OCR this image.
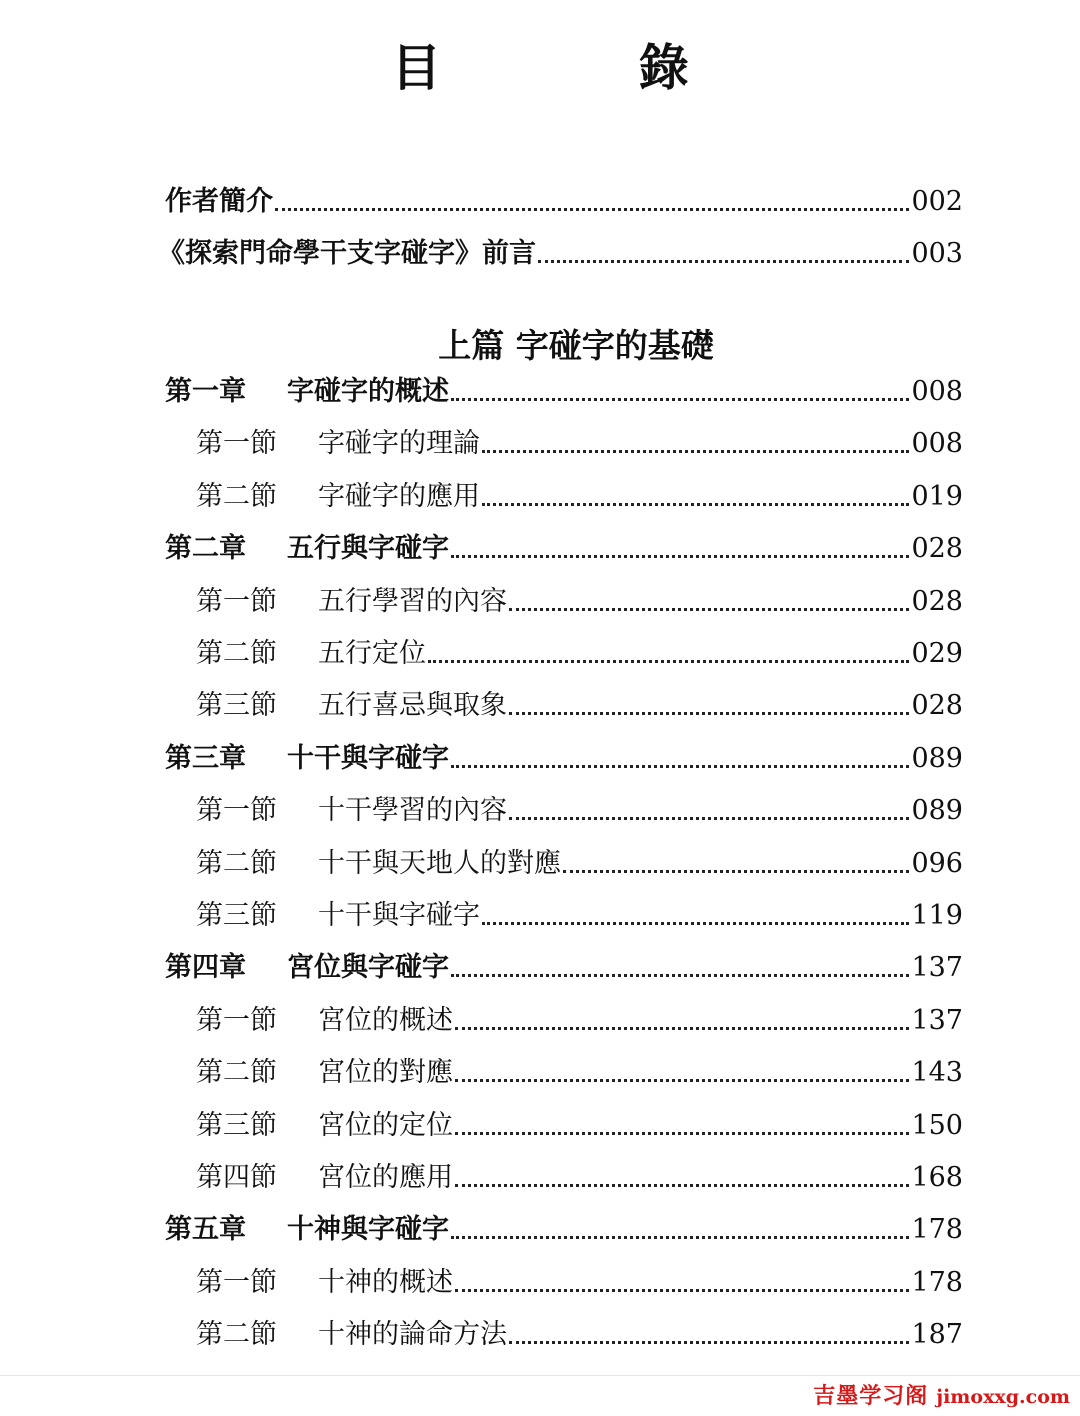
目 錄
作者簡介	002
《探索門命學干支字碰字》前言	003
上篇 字碰字的基礎
第一章	字碰字的概述	008
第一節	字碰字的理論	008
第二節	字碰字的應用	019
第二章	五行與字碰字	028
第一節	五行學習的內容	028
第二節	五行定位	029
第三節	五行喜忌與取象	028
第三章	十干與字碰字	089
第一節	十干學習的內容	089
第二節	十干與天地人的對應	096
第三節	十干與字碰字	119
第四章	宮位與字碰字	137
第一節	宮位的概述	137
第二節	宮位的對應	143
第三節	宮位的定位	150
第四節	宮位的應用	168
第五章	十神與字碰字	178
第一節	十神的概述	178
第二節	十神的論命方法	187
吉墨学习阁 jimoxxg.com
